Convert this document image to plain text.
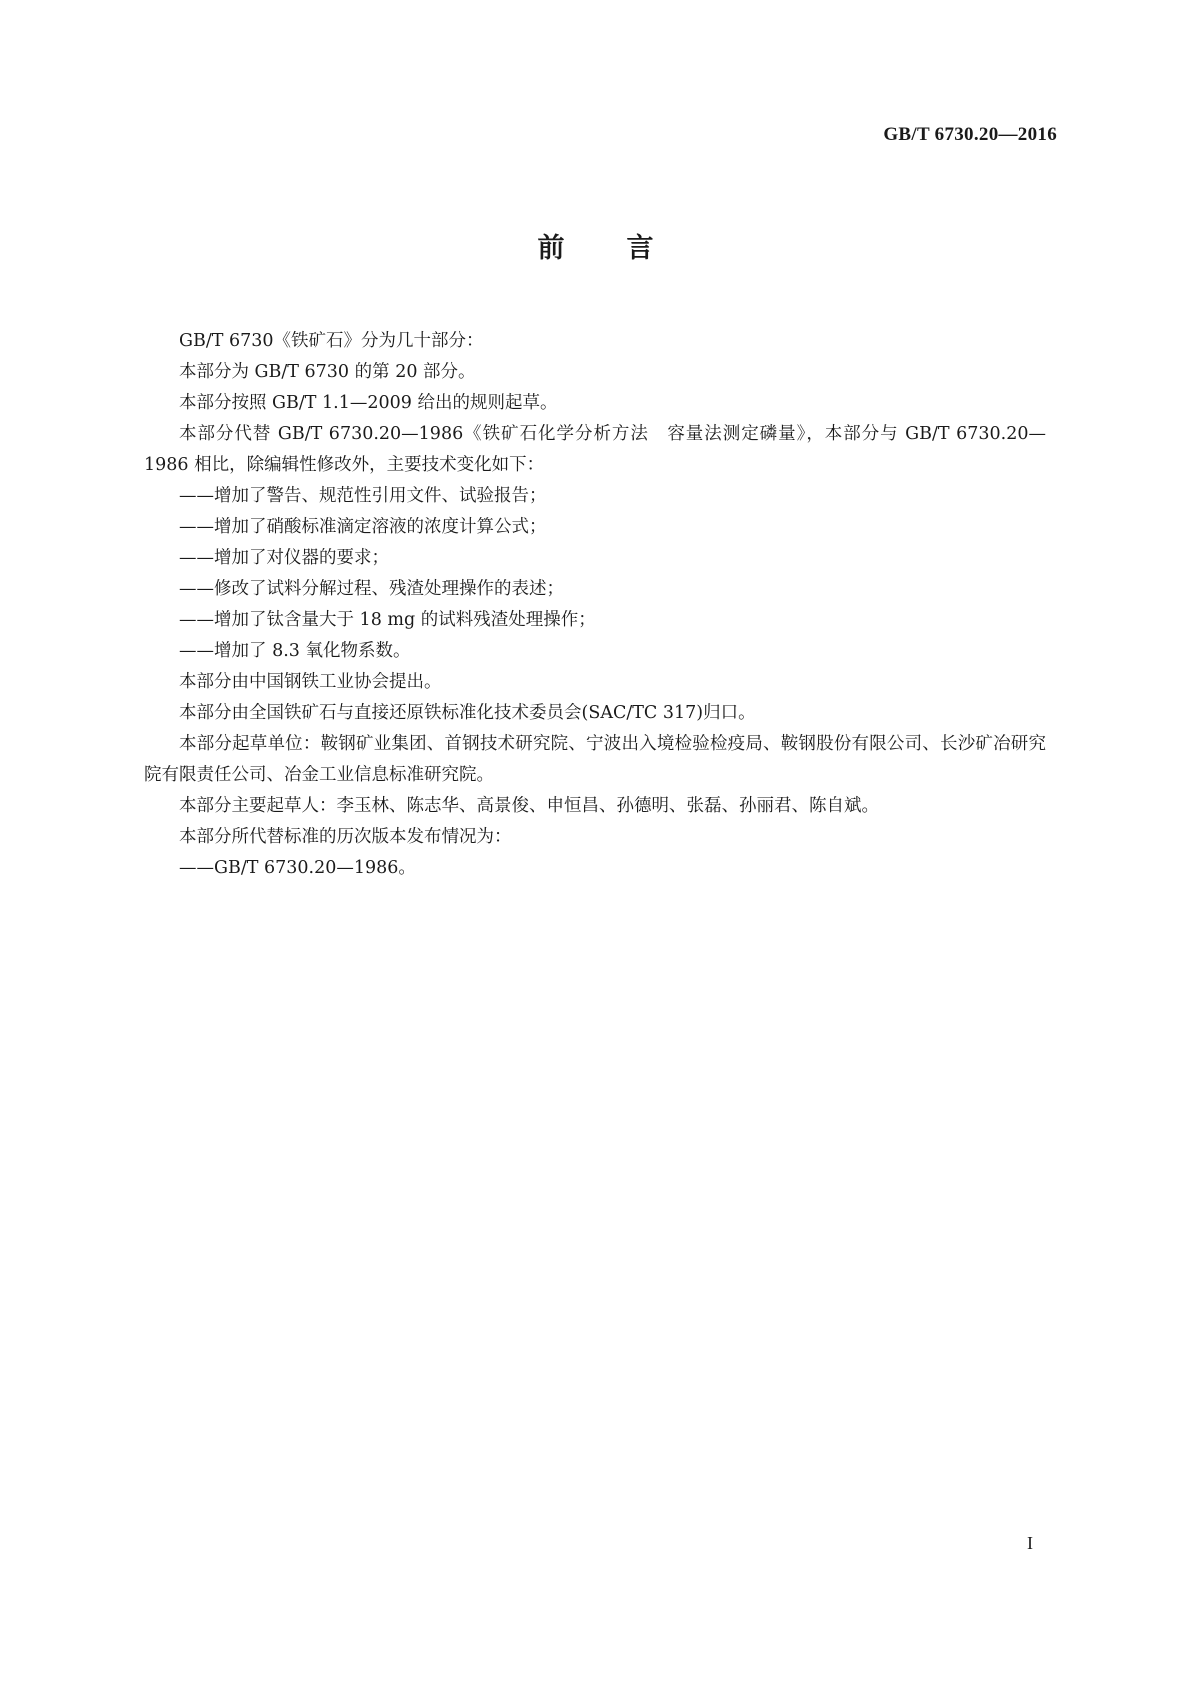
GB/T 6730.20—2016
前 言

GB/T 6730《铁矿石》分为几十部分：

本部分为 GB/T 6730 的第 20 部分。

本部分按照 GB/T 1.1—2009 给出的规则起草。

本部分代替 GB/T 6730.20—1986《铁矿石化学分析方法　容量法测定磷量》，本部分与 GB/T 6730.20—1986 相比，除编辑性修改外，主要技术变化如下：

——增加了警告、规范性引用文件、试验报告；

——增加了硝酸标准滴定溶液的浓度计算公式；

——增加了对仪器的要求；

——修改了试料分解过程、残渣处理操作的表述；

——增加了钛含量大于 18 mg 的试料残渣处理操作；

——增加了 8.3 氧化物系数。

本部分由中国钢铁工业协会提出。

本部分由全国铁矿石与直接还原铁标准化技术委员会(SAC/TC 317)归口。

本部分起草单位：鞍钢矿业集团、首钢技术研究院、宁波出入境检验检疫局、鞍钢股份有限公司、长沙矿冶研究院有限责任公司、冶金工业信息标准研究院。

本部分主要起草人：李玉林、陈志华、高景俊、申恒昌、孙德明、张磊、孙丽君、陈自斌。

本部分所代替标准的历次版本发布情况为：

——GB/T 6730.20—1986。

I
